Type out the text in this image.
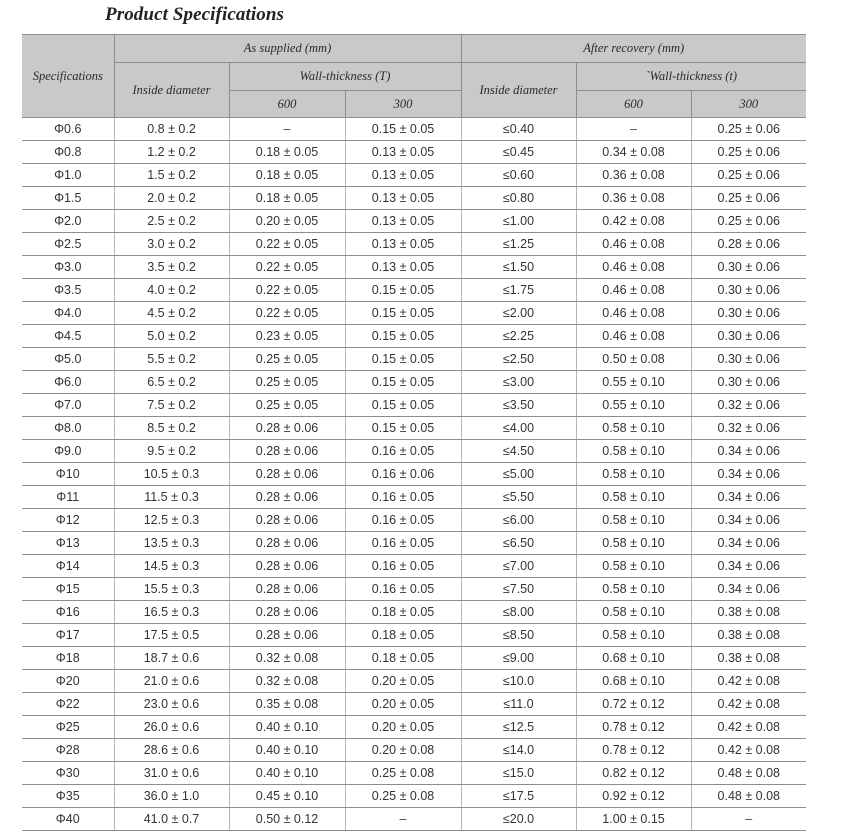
Product Specifications
Specifications	As supplied (mm)			After recovery (mm)		
	Inside diameter	Wall-thickness (T)		Inside diameter	`Wall-thickness (t)	
		600	300		600	300
Φ0.6	0.8 ± 0.2	–	0.15 ± 0.05	≤0.40	–	0.25 ± 0.06
Φ0.8	1.2 ± 0.2	0.18 ± 0.05	0.13 ± 0.05	≤0.45	0.34 ± 0.08	0.25 ± 0.06
Φ1.0	1.5 ± 0.2	0.18 ± 0.05	0.13 ± 0.05	≤0.60	0.36 ± 0.08	0.25 ± 0.06
Φ1.5	2.0 ± 0.2	0.18 ± 0.05	0.13 ± 0.05	≤0.80	0.36 ± 0.08	0.25 ± 0.06
Φ2.0	2.5 ± 0.2	0.20 ± 0.05	0.13 ± 0.05	≤1.00	0.42 ± 0.08	0.25 ± 0.06
Φ2.5	3.0 ± 0.2	0.22 ± 0.05	0.13 ± 0.05	≤1.25	0.46 ± 0.08	0.28 ± 0.06
Φ3.0	3.5 ± 0.2	0.22 ± 0.05	0.13 ± 0.05	≤1.50	0.46 ± 0.08	0.30 ± 0.06
Φ3.5	4.0 ± 0.2	0.22 ± 0.05	0.15 ± 0.05	≤1.75	0.46 ± 0.08	0.30 ± 0.06
Φ4.0	4.5 ± 0.2	0.22 ± 0.05	0.15 ± 0.05	≤2.00	0.46 ± 0.08	0.30 ± 0.06
Φ4.5	5.0 ± 0.2	0.23 ± 0.05	0.15 ± 0.05	≤2.25	0.46 ± 0.08	0.30 ± 0.06
Φ5.0	5.5 ± 0.2	0.25 ± 0.05	0.15 ± 0.05	≤2.50	0.50 ± 0.08	0.30 ± 0.06
Φ6.0	6.5 ± 0.2	0.25 ± 0.05	0.15 ± 0.05	≤3.00	0.55 ± 0.10	0.30 ± 0.06
Φ7.0	7.5 ± 0.2	0.25 ± 0.05	0.15 ± 0.05	≤3.50	0.55 ± 0.10	0.32 ± 0.06
Φ8.0	8.5 ± 0.2	0.28 ± 0.06	0.15 ± 0.05	≤4.00	0.58 ± 0.10	0.32 ± 0.06
Φ9.0	9.5 ± 0.2	0.28 ± 0.06	0.16 ± 0.05	≤4.50	0.58 ± 0.10	0.34 ± 0.06
Φ10	10.5 ± 0.3	0.28 ± 0.06	0.16 ± 0.06	≤5.00	0.58 ± 0.10	0.34 ± 0.06
Φ11	11.5 ± 0.3	0.28 ± 0.06	0.16 ± 0.05	≤5.50	0.58 ± 0.10	0.34 ± 0.06
Φ12	12.5 ± 0.3	0.28 ± 0.06	0.16 ± 0.05	≤6.00	0.58 ± 0.10	0.34 ± 0.06
Φ13	13.5 ± 0.3	0.28 ± 0.06	0.16 ± 0.05	≤6.50	0.58 ± 0.10	0.34 ± 0.06
Φ14	14.5 ± 0.3	0.28 ± 0.06	0.16 ± 0.05	≤7.00	0.58 ± 0.10	0.34 ± 0.06
Φ15	15.5 ± 0.3	0.28 ± 0.06	0.16 ± 0.05	≤7.50	0.58 ± 0.10	0.34 ± 0.06
Φ16	16.5 ± 0.3	0.28 ± 0.06	0.18 ± 0.05	≤8.00	0.58 ± 0.10	0.38 ± 0.08
Φ17	17.5 ± 0.5	0.28 ± 0.06	0.18 ± 0.05	≤8.50	0.58 ± 0.10	0.38 ± 0.08
Φ18	18.7 ± 0.6	0.32 ± 0.08	0.18 ± 0.05	≤9.00	0.68 ± 0.10	0.38 ± 0.08
Φ20	21.0 ± 0.6	0.32 ± 0.08	0.20 ± 0.05	≤10.0	0.68 ± 0.10	0.42 ± 0.08
Φ22	23.0 ± 0.6	0.35 ± 0.08	0.20 ± 0.05	≤11.0	0.72 ± 0.12	0.42 ± 0.08
Φ25	26.0 ± 0.6	0.40 ± 0.10	0.20 ± 0.05	≤12.5	0.78 ± 0.12	0.42 ± 0.08
Φ28	28.6 ± 0.6	0.40 ± 0.10	0.20 ± 0.08	≤14.0	0.78 ± 0.12	0.42 ± 0.08
Φ30	31.0 ± 0.6	0.40 ± 0.10	0.25 ± 0.08	≤15.0	0.82 ± 0.12	0.48 ± 0.08
Φ35	36.0 ± 1.0	0.45 ± 0.10	0.25 ± 0.08	≤17.5	0.92 ± 0.12	0.48 ± 0.08
Φ40	41.0 ± 0.7	0.50 ± 0.12	–	≤20.0	1.00 ± 0.15	–
